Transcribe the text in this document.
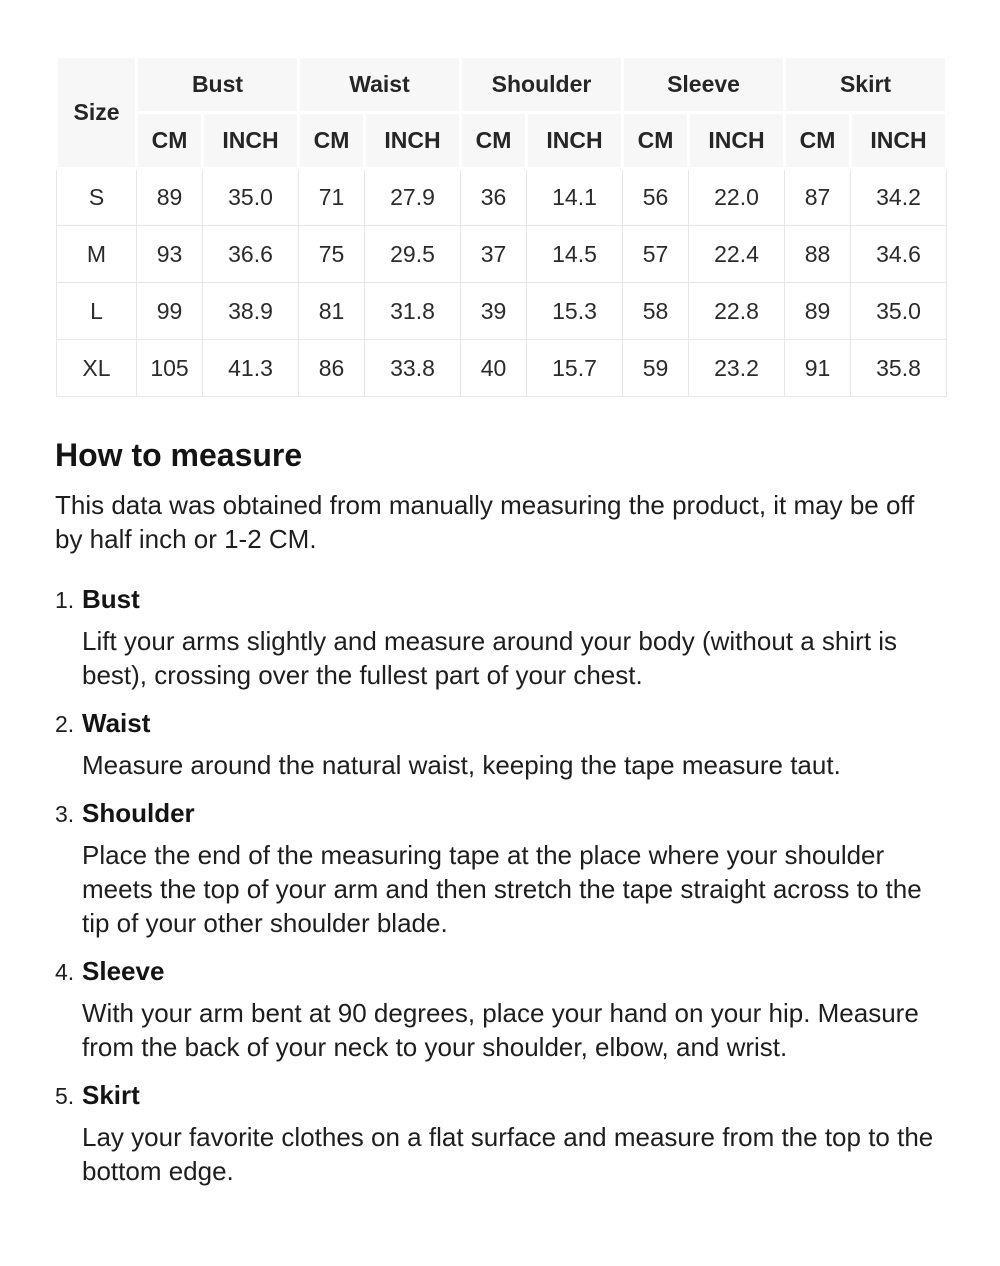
Size	Bust		Waist		Shoulder		Sleeve		Skirt	
	CM	INCH	CM	INCH	CM	INCH	CM	INCH	CM	INCH
S	89	35.0	71	27.9	36	14.1	56	22.0	87	34.2
M	93	36.6	75	29.5	37	14.5	57	22.4	88	34.6
L	99	38.9	81	31.8	39	15.3	58	22.8	89	35.0
XL	105	41.3	86	33.8	40	15.7	59	23.2	91	35.8
How to measure

This data was obtained from manually measuring the product, it may be off by half inch or 1-2 CM.

1. Bust
Lift your arms slightly and measure around your body (without a shirt is best), crossing over the fullest part of your chest.
2. Waist
Measure around the natural waist, keeping the tape measure taut.
3. Shoulder
Place the end of the measuring tape at the place where your shoulder meets the top of your arm and then stretch the tape straight across to the tip of your other shoulder blade.
4. Sleeve
With your arm bent at 90 degrees, place your hand on your hip. Measure from the back of your neck to your shoulder, elbow, and wrist.
5. Skirt
Lay your favorite clothes on a flat surface and measure from the top to the bottom edge.
